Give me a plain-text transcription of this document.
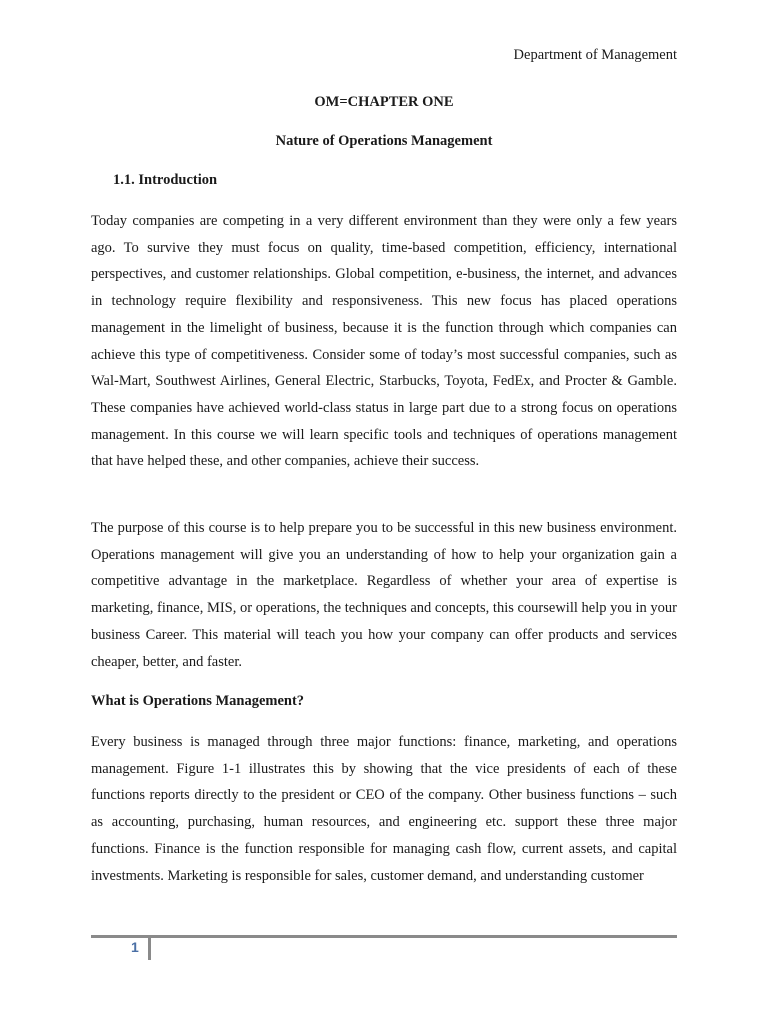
Department of Management
OM=CHAPTER ONE
Nature of Operations Management
1.1. Introduction

Today companies are competing in a very different environment than they were only a few years ago. To survive they must focus on quality, time-based competition, efficiency, international perspectives, and customer relationships. Global competition, e-business, the internet, and advances in technology require flexibility and responsiveness. This new focus has placed operations management in the limelight of business, because it is the function through which companies can achieve this type of competitiveness. Consider some of today’s most successful companies, such as Wal-Mart, Southwest Airlines, General Electric, Starbucks, Toyota, FedEx, and Procter & Gamble. These companies have achieved world-class status in large part due to a strong focus on operations management. In this course we will learn specific tools and techniques of operations management that have helped these, and other companies, achieve their success.

The purpose of this course is to help prepare you to be successful in this new business environment. Operations management will give you an understanding of how to help your organization gain a competitive advantage in the marketplace. Regardless of whether your area of expertise is marketing, finance, MIS, or operations, the techniques and concepts, this coursewill help you in your business Career. This material will teach you how your company can offer products and services cheaper, better, and faster.

What is Operations Management?

Every business is managed through three major functions: finance, marketing, and operations management. Figure 1-1 illustrates this by showing that the vice presidents of each of these functions reports directly to the president or CEO of the company. Other business functions – such as accounting, purchasing, human resources, and engineering etc. support these three major functions. Finance is the function responsible for managing cash flow, current assets, and capital investments. Marketing is responsible for sales, customer demand, and understanding customer

1
